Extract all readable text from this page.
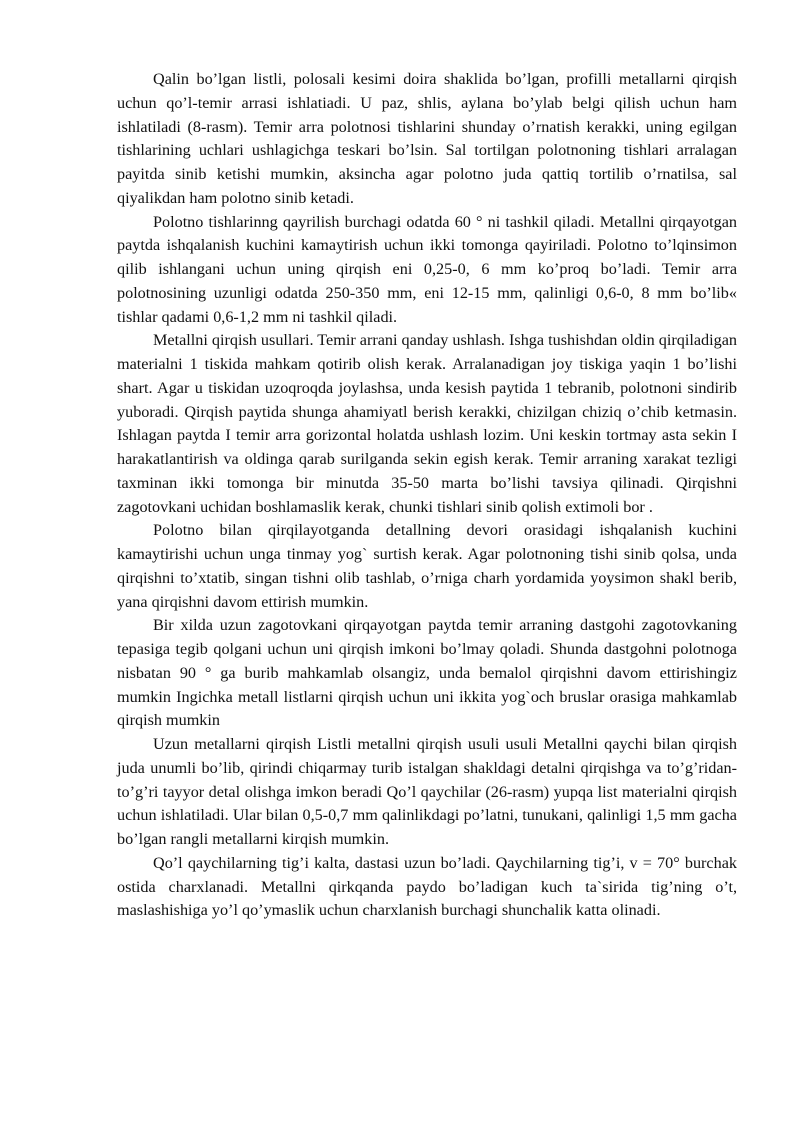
Qalin bo’lgan listli, polosali kesimi doira shaklida bo’lgan, profilli metallarni qirqish uchun qo’l-temir arrasi ishlatiadi. U paz, shlis, aylana bo’ylab belgi qilish uchun ham ishlatiladi (8-rasm). Temir arra polotnosi tishlarini shunday o’rnatish kerakki, uning egilgan tishlarining uchlari ushlagichga teskari bo’lsin. Sal tortilgan polotnoning tishlari arralagan payitda sinib ketishi mumkin, aksincha agar polotno juda qattiq tortilib o’rnatilsa, sal qiyalikdan ham polotno sinib ketadi.

Polotno tishlarinng qayrilish burchagi odatda 60 ° ni tashkil qiladi. Metallni qirqayotgan paytda ishqalanish kuchini kamaytirish uchun ikki tomonga qayiriladi. Polotno to’lqinsimon qilib ishlangani uchun uning qirqish eni 0,25-0, 6 mm ko’proq bo’ladi. Temir arra polotnosining uzunligi odatda 250-350 mm, eni 12-15 mm, qalinligi 0,6-0, 8 mm bo’lib« tishlar qadami 0,6-1,2 mm ni tashkil qiladi.

Metallni qirqish usullari. Temir arrani qanday ushlash. Ishga tushishdan oldin qirqiladigan materialni 1 tiskida mahkam qotirib olish kerak. Arralanadigan joy tiskiga yaqin 1 bo’lishi shart. Agar u tiskidan uzoqroqda joylashsa, unda kesish paytida 1 tebranib, polotnoni sindirib yuboradi. Qirqish paytida shunga ahamiyatl berish kerakki, chizilgan chiziq o’chib ketmasin. Ishlagan paytda I temir arra gorizontal holatda ushlash lozim. Uni keskin tortmay asta sekin I harakatlantirish va oldinga qarab surilganda sekin egish kerak. Temir arraning xarakat tezligi taxminan ikki tomonga bir minutda 35-50 marta bo’lishi tavsiya qilinadi. Qirqishni zagotovkani uchidan boshlamaslik kerak, chunki tishlari sinib qolish extimoli bor .

Polotno bilan qirqilayotganda detallning devori orasidagi ishqalanish kuchini kamaytirishi uchun unga tinmay yog` surtish kerak. Agar polotnoning tishi sinib qolsa, unda qirqishni to’xtatib, singan tishni olib tashlab, o’rniga charh yordamida yoysimon shakl berib, yana qirqishni davom ettirish mumkin.

Bir xilda uzun zagotovkani qirqayotgan paytda temir arraning dastgohi zagotovkaning tepasiga tegib qolgani uchun uni qirqish imkoni bo’lmay qoladi. Shunda dastgohni polotnoga nisbatan 90 ° ga burib mahkamlab olsangiz, unda bemalol qirqishni davom ettirishingiz mumkin Ingichka metall listlarni qirqish uchun uni ikkita yog`och bruslar orasiga mahkamlab qirqish mumkin

Uzun metallarni qirqish Listli metallni qirqish usuli usuli Metallni qaychi bilan qirqish juda unumli bo’lib, qirindi chiqarmay turib istalgan shakldagi detalni qirqishga va to’g’ridan-to’g’ri tayyor detal olishga imkon beradi Qo’l qaychilar (26-rasm) yupqa list materialni qirqish uchun ishlatiladi. Ular bilan 0,5-0,7 mm qalinlikdagi po’latni, tunukani, qalinligi 1,5 mm gacha bo’lgan rangli metallarni kirqish mumkin.

Qo’l qaychilarning tig’i kalta, dastasi uzun bo’ladi. Qaychilarning tig’i, v = 70° burchak ostida charxlanadi. Metallni qirkqanda paydo bo’ladigan kuch ta`sirida tig’ning o’t, maslashishiga yo’l qo’ymaslik uchun charxlanish burchagi shunchalik katta olinadi.
